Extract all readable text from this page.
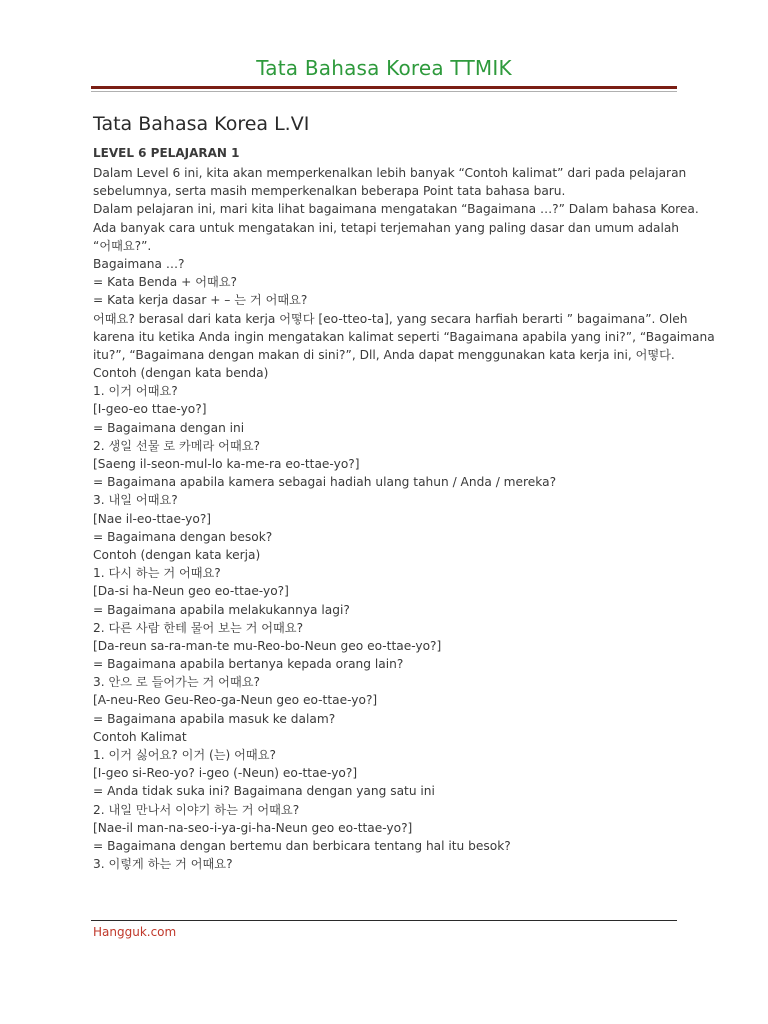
Tata Bahasa Korea TTMIK
Tata Bahasa Korea L.VI
LEVEL 6 PELAJARAN 1
Dalam Level 6 ini, kita akan memperkenalkan lebih banyak “Contoh kalimat” dari pada pelajaran
sebelumnya, serta masih memperkenalkan beberapa Point tata bahasa baru.
Dalam pelajaran ini, mari kita lihat bagaimana mengatakan “Bagaimana …?” Dalam bahasa Korea.
Ada banyak cara untuk mengatakan ini, tetapi terjemahan yang paling dasar dan umum adalah
“어때요?”.
Bagaimana …?
= Kata Benda + 어때요?
= Kata kerja dasar + – 는 거 어때요?
어때요? berasal dari kata kerja 어떻다 [eo-tteo-ta], yang secara harfiah berarti ” bagaimana”. Oleh
karena itu ketika Anda ingin mengatakan kalimat seperti “Bagaimana apabila yang ini?”, “Bagaimana
itu?”, “Bagaimana dengan makan di sini?”, Dll, Anda dapat menggunakan kata kerja ini, 어떻다.
Contoh (dengan kata benda)
1. 이거 어때요?
[I-geo-eo ttae-yo?]
= Bagaimana dengan ini
2. 생일 선물 로 카메라 어때요?
[Saeng il-seon-mul-lo ka-me-ra eo-ttae-yo?]
= Bagaimana apabila kamera sebagai hadiah ulang tahun / Anda / mereka?
3. 내일 어때요?
[Nae il-eo-ttae-yo?]
= Bagaimana dengan besok?
Contoh (dengan kata kerja)
1. 다시 하는 거 어때요?
[Da-si ha-Neun geo eo-ttae-yo?]
= Bagaimana apabila melakukannya lagi?
2. 다른 사람 한테 물어 보는 거 어때요?
[Da-reun sa-ra-man-te mu-Reo-bo-Neun geo eo-ttae-yo?]
= Bagaimana apabila bertanya kepada orang lain?
3. 안으 로 들어가는 거 어때요?
[A-neu-Reo Geu-Reo-ga-Neun geo eo-ttae-yo?]
= Bagaimana apabila masuk ke dalam?
Contoh Kalimat
1. 이거 싫어요? 이거 (는) 어때요?
[I-geo si-Reo-yo? i-geo (-Neun) eo-ttae-yo?]
= Anda tidak suka ini? Bagaimana dengan yang satu ini
2. 내일 만나서 이야기 하는 거 어때요?
[Nae-il man-na-seo-i-ya-gi-ha-Neun geo eo-ttae-yo?]
= Bagaimana dengan bertemu dan berbicara tentang hal itu besok?
3. 이렇게 하는 거 어때요?
Hangguk.com
